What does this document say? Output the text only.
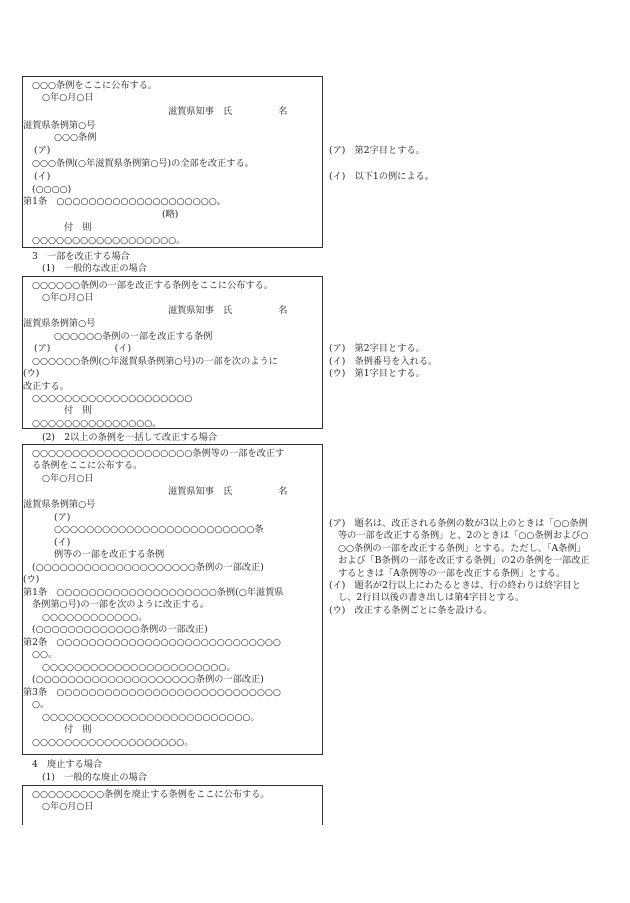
○○○条例をここに公布する。
○年○月○日
滋賀県知事　氏　　　　　名
滋賀県条例第○号
○○○条例
(ア)
○○○条例(○年滋賀県条例第○号)の全部を改正する。
(イ)
(○○○○)
第1条　○○○○○○○○○○○○○○○○○○○○。
(略)
付　則
○○○○○○○○○○○○○○○○○○。
(ア)　第2字目とする。
(イ)　以下1の例による。
3　一部を改正する場合
(1)　一般的な改正の場合
○○○○○○条例の一部を改正する条例をここに公布する。
○年○月○日
滋賀県知事　氏　　　　　名
滋賀県条例第○号
○○○○○○条例の一部を改正する条例
(ア)　　　　　　　(イ)
○○○○○○条例(○年滋賀県条例第○号)の一部を次のように
(ウ)
改正する。
○○○○○○○○○○○○○○○○○○○○
付　則
○○○○○○○○○○○○○○○。
(ア)　第2字目とする。
(イ)　条例番号を入れる。
(ウ)　第1字目とする。
(2)　2以上の条例を一括して改正する場合
○○○○○○○○○○○○○○○○○○○○条例等の一部を改正す
る条例をここに公布する。
○年○月○日
滋賀県知事　氏　　　　　名
滋賀県条例第○号
(ア)
○○○○○○○○○○○○○○○○○○○○○○○○○条
(イ)
例等の一部を改正する条例
(○○○○○○○○○○○○○○○○○○○○条例の一部改正)
(ウ)
第1条　○○○○○○○○○○○○○○○○○○○○条例(○年滋賀県
条例第○号)の一部を次のように改正する。
○○○○○○○○○○○○。
(○○○○○○○○○○○○○条例の一部改正)
第2条　○○○○○○○○○○○○○○○○○○○○○○○○○○○○
○○。
○○○○○○○○○○○○○○○○○○○○○○○。
(○○○○○○○○○○○○○○○○○○○○条例の一部改正)
第3条　○○○○○○○○○○○○○○○○○○○○○○○○○○○○
○。
○○○○○○○○○○○○○○○○○○○○○○○○○○。
付　則
○○○○○○○○○○○○○○○○○○○。
(ア)　題名は、改正される条例の数が3以上のときは「○○条例
等の一部を改正する条例」と、2のときは「○○条例および○
○○条例の一部を改正する条例」とする。ただし、「A条例」
および「B条例の一部を改正する条例」の2の条例を一部改正
するときは「A条例等の一部を改正する条例」とする。
(イ)　題名が2行以上にわたるときは、行の終わりは終字目と
し、2行目以後の書き出しは第4字目とする。
(ウ)　改正する条例ごとに条を設ける。
4　廃止する場合
(1)　一般的な廃止の場合
○○○○○○○○○条例を廃止する条例をここに公布する。
○年○月○日
